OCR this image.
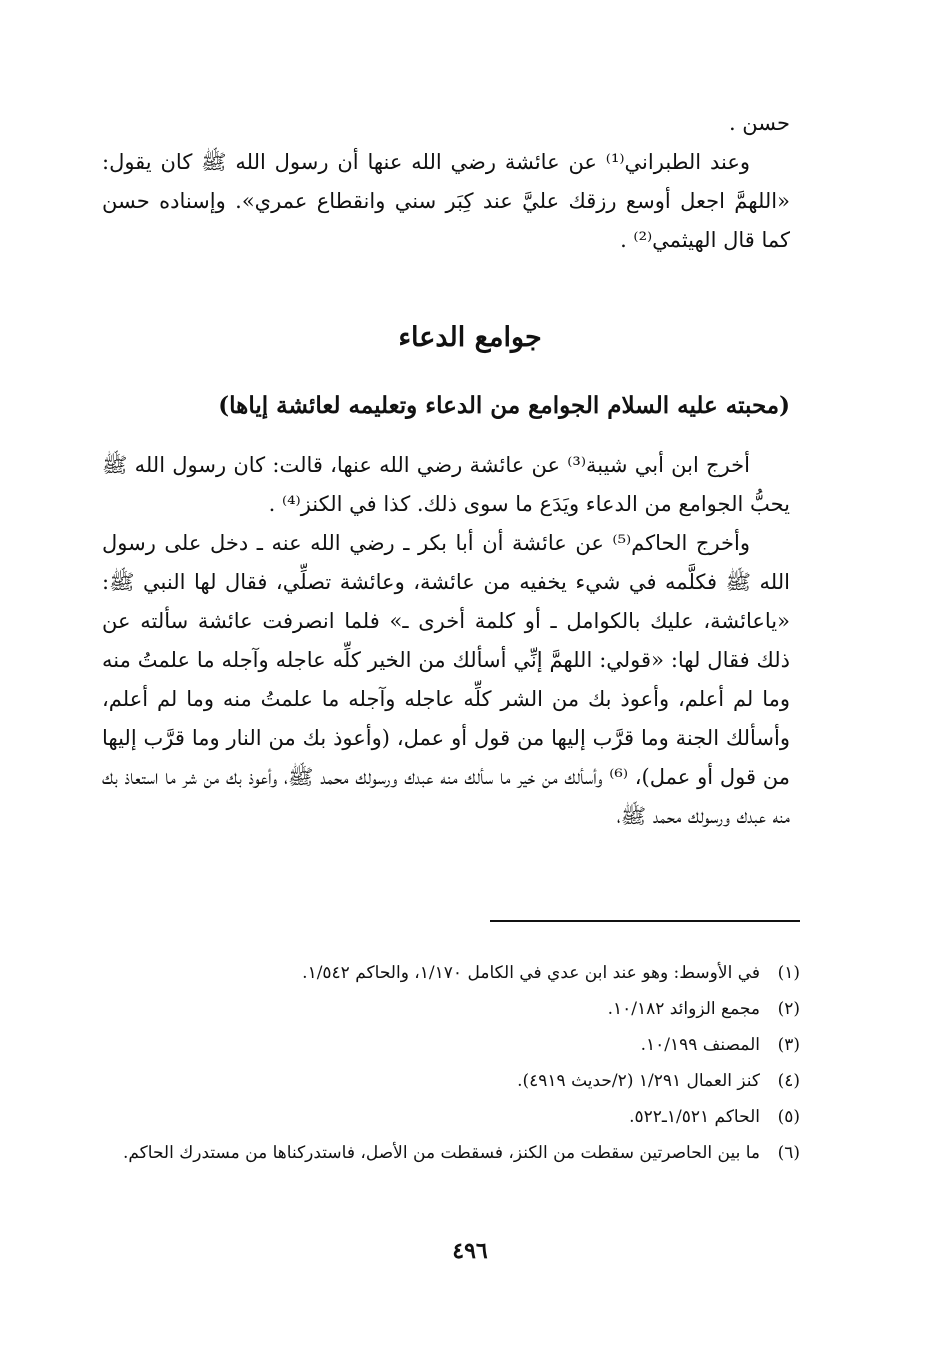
حسن .

وعند الطبراني⁽¹⁾ عن عائشة رضي الله عنها أن رسول الله ﷺ كان يقول: «اللهمَّ اجعل أوسع رزقك عليَّ عند كِبَر سني وانقطاع عمري». وإسناده حسن كما قال الهيثمي⁽²⁾ .

جوامع الدعاء
(محبته عليه السلام الجوامع من الدعاء وتعليمه لعائشة إياها)

أخرج ابن أبي شيبة⁽³⁾ عن عائشة رضي الله عنها، قالت: كان رسول الله ﷺ يحبُّ الجوامع من الدعاء ويَدَع ما سوى ذلك. كذا في الكنز⁽⁴⁾ .

وأخرج الحاكم⁽⁵⁾ عن عائشة أن أبا بكر ـ رضي الله عنه ـ دخل على رسول الله ﷺ فكلَّمه في شيء يخفيه من عائشة، وعائشة تصلِّي، فقال لها النبي ﷺ: «ياعائشة، عليك بالكوامل ـ أو كلمة أخرى ـ» فلما انصرفت عائشة سألته عن ذلك فقال لها: «قولي: اللهمَّ إنِّي أسألك من الخير كلِّه عاجله وآجله ما علمتُ منه وما لم أعلم، وأعوذ بك من الشر كلِّه عاجله وآجله ما علمتُ منه وما لم أعلم، وأسألك الجنة وما قرَّب إليها من قول أو عمل، (وأعوذ بك من النار وما قرَّب إليها من قول أو عمل)، ⁽⁶⁾ وأسألك من خير ما سألك منه عبدك ورسولك محمد ﷺ، وأعوذ بك من شر ما استعاذ بك منه عبدك ورسولك محمد ﷺ،

(١)
في الأوسط: وهو عند ابن عدي في الكامل ١/١٧٠، والحاكم ١/٥٤٢.
(٢)
مجمع الزوائد ١٠/١٨٢.
(٣)
المصنف ١٠/١٩٩.
(٤)
كنز العمال ١/٢٩١ (٢/حديث ٤٩١٩).
(٥)
الحاكم ١/٥٢١ـ٥٢٢.
(٦)
ما بين الحاصرتين سقطت من الكنز، فسقطت من الأصل، فاستدركناها من مستدرك الحاكم.
٤٩٦
